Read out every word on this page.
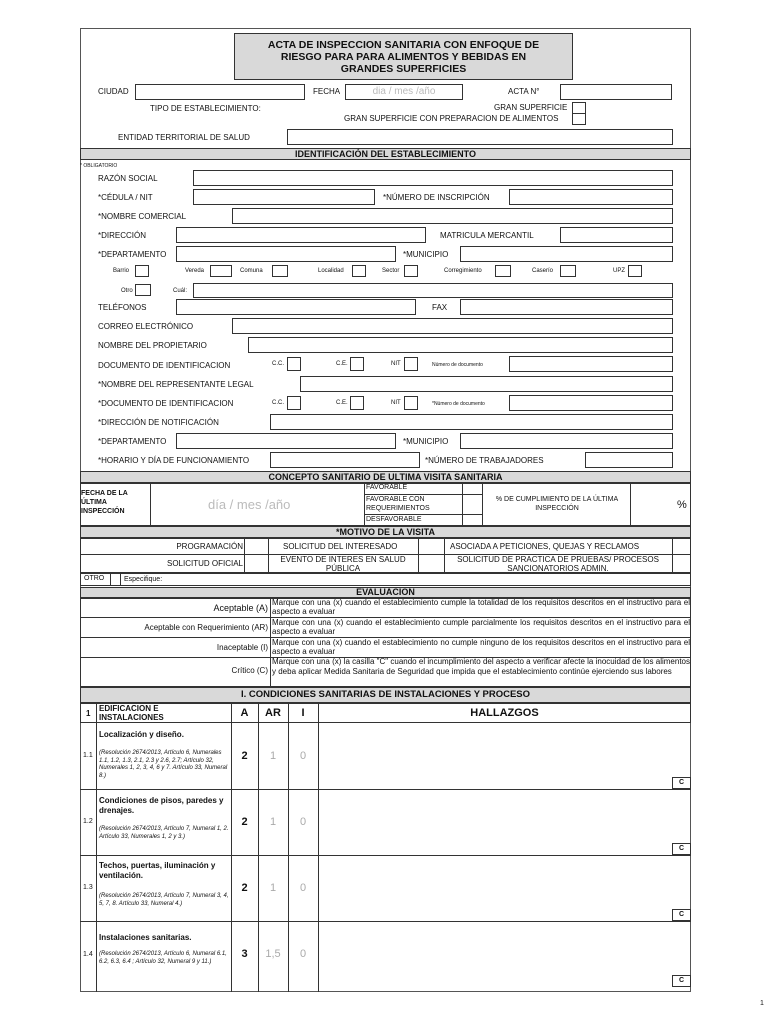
ACTA DE INSPECCION SANITARIA CON ENFOQUE DE RIESGO PARA PARA ALIMENTOS Y BEBIDAS EN GRANDES SUPERFICIES
CIUDAD	FECHA	dia / mes /año	ACTA N°
TIPO DE ESTABLECIMIENTO:	GRAN SUPERFICIE
GRAN SUPERFICIE CON PREPARACION DE ALIMENTOS
ENTIDAD TERRITORIAL DE SALUD
IDENTIFICACIÓN DEL ESTABLECIMIENTO
* OBLIGATORIO
RAZÓN SOCIAL
*CÉDULA / NIT	*NÚMERO DE INSCRIPCIÓN
*NOMBRE COMERCIAL
*DIRECCIÓN	MATRICULA MERCANTIL
*DEPARTAMENTO	*MUNICIPIO
Barrio	Vereda	Comuna	Localidad	Sector	Corregimiento	Caserío	UPZ
Otro	Cuál:
TELÉFONOS	FAX
CORREO ELECTRÓNICO
NOMBRE DEL PROPIETARIO
DOCUMENTO DE IDENTIFICACION	C.C.	C.E.	NIT	Número de documento
*NOMBRE DEL REPRESENTANTE LEGAL
*DOCUMENTO DE IDENTIFICACION	C.C.	C.E.	NIT	*Número de documento
*DIRECCIÓN DE NOTIFICACIÓN
*DEPARTAMENTO	*MUNICIPIO
*HORARIO Y DÍA DE FUNCIONAMIENTO	*NÚMERO DE TRABAJADORES
CONCEPTO SANITARIO DE ULTIMA VISITA SANITARIA
FECHA DE LA ÚLTIMA INSPECCIÓN	día / mes /año
FAVORABLE
FAVORABLE CON REQUERIMIENTOS
DESFAVORABLE
% DE CUMPLIMIENTO DE LA ÚLTIMA INSPECCIÓN	%
*MOTIVO DE LA VISITA
PROGRAMACIÓN	SOLICITUD DEL INTERESADO	ASOCIADA A PETICIONES, QUEJAS Y RECLAMOS
SOLICITUD OFICIAL	EVENTO DE INTERES EN SALUD PÚBLICA
SOLICITUD DE PRACTICA DE PRUEBAS/ PROCESOS SANCIONATORIOS ADMIN.
OTRO	Especifique:
EVALUACION
Aceptable (A)
Marque con una (x) cuando el establecimiento cumple la totalidad de los requisitos descritos en el instructivo para el aspecto a evaluar
Aceptable con Requerimiento (AR)
Marque con una (x) cuando el establecimiento cumple parcialmente los requisitos descritos en el instructivo para el aspecto a evaluar
Inaceptable (I)
Marque con una (x) cuando el establecimiento no cumple ninguno de los requisitos descritos en el instructivo para el aspecto a evaluar
Crítico (C)
Marque con una (x) la casilla "C" cuando el incumplimiento del aspecto a verificar afecte la inocuidad de los alimentos y deba aplicar Medida Sanitaria de Seguridad que impida que el establecimiento continúe ejerciendo sus labores
I. CONDICIONES SANITARIAS DE INSTALACIONES Y PROCESO
1
EDIFICACION E INSTALACIONES	A	AR	I	HALLAZGOS
1.1
Localización y diseño.
(Resolución 2674/2013, Artículo 6, Numerales 1.1, 1.2, 1.3, 2.1, 2.3 y 2.6, 2.7; Artículo 32, Numerales 1, 2, 3, 4, 6 y 7. Artículo 33, Numeral 8.)
2	1	0
C
1.2
Condiciones de pisos, paredes y drenajes.
(Resolución 2674/2013, Artículo 7, Numeral 1, 2. Artículo 33, Numerales 1, 2 y 3.)
2	1	0
C
1.3
Techos, puertas, iluminación y ventilación.
(Resolución 2674/2013, Artículo 7, Numeral 3, 4, 5, 7, 8. Artículo 33, Numeral 4.)
2	1	0
C
1.4
Instalaciones sanitarias.
(Resolución 2674/2013, Artículo 6, Numeral 6.1, 6.2, 6.3, 6.4 ; Artículo 32, Numeral 9 y 11.)
3	1,5	0
C
1
